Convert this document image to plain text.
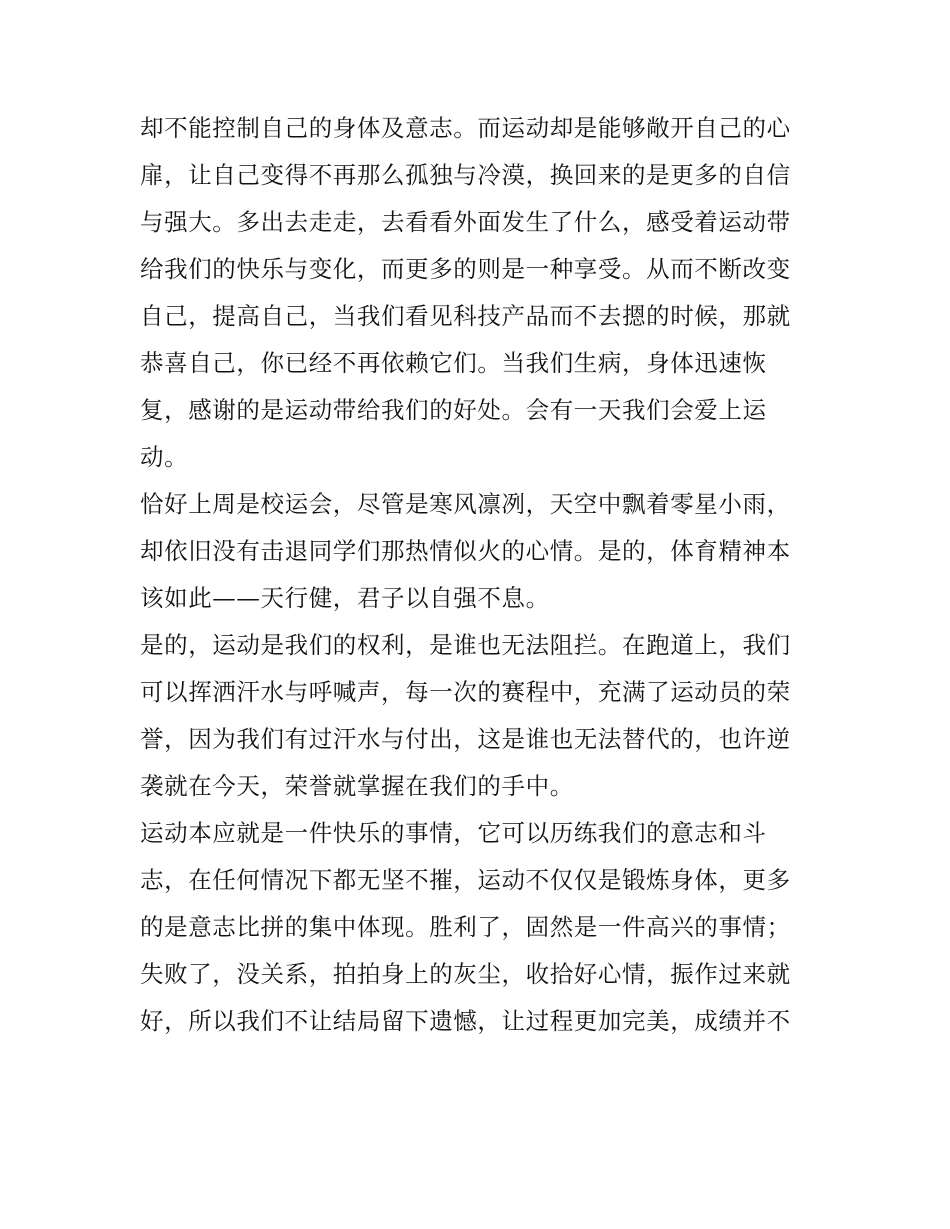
却不能控制自己的身体及意志。而运动却是能够敞开自己的心
扉，让自己变得不再那么孤独与冷漠，换回来的是更多的自信
与强大。多出去走走，去看看外面发生了什么，感受着运动带
给我们的快乐与变化，而更多的则是一种享受。从而不断改变
自己，提高自己，当我们看见科技产品而不去摁的时候，那就
恭喜自己，你已经不再依赖它们。当我们生病，身体迅速恢
复，感谢的是运动带给我们的好处。会有一天我们会爱上运
动。
恰好上周是校运会，尽管是寒风凛冽，天空中飘着零星小雨，
却依旧没有击退同学们那热情似火的心情。是的，体育精神本
该如此——天行健，君子以自强不息。
是的，运动是我们的权利，是谁也无法阻拦。在跑道上，我们
可以挥洒汗水与呼喊声，每一次的赛程中，充满了运动员的荣
誉，因为我们有过汗水与付出，这是谁也无法替代的，也许逆
袭就在今天，荣誉就掌握在我们的手中。
运动本应就是一件快乐的事情，它可以历练我们的意志和斗
志，在任何情况下都无坚不摧，运动不仅仅是锻炼身体，更多
的是意志比拼的集中体现。胜利了，固然是一件高兴的事情；
失败了，没关系，拍拍身上的灰尘，收拾好心情，振作过来就
好，所以我们不让结局留下遗憾，让过程更加完美，成绩并不
